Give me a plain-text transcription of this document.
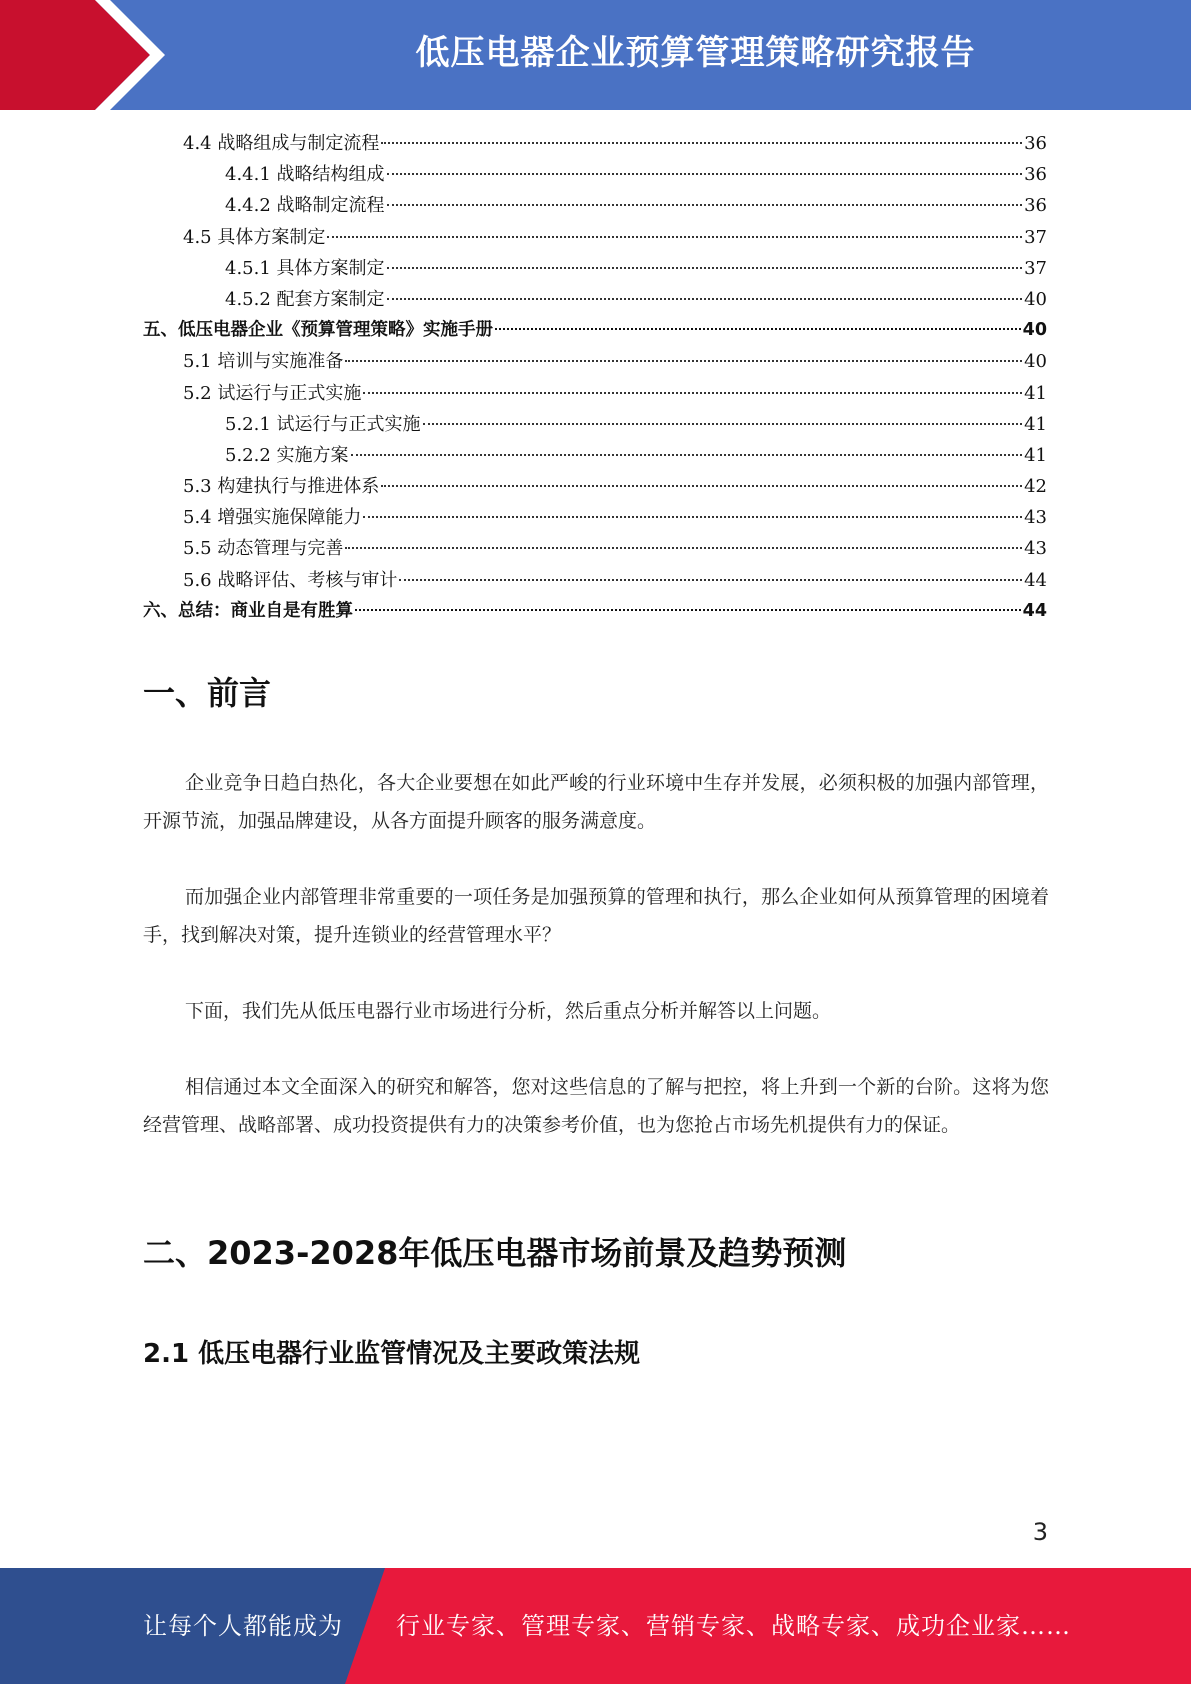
低压电器企业预算管理策略研究报告
4.4 战略组成与制定流程	36
4.4.1 战略结构组成	36
4.4.2 战略制定流程	36
4.5 具体方案制定	37
4.5.1 具体方案制定	37
4.5.2 配套方案制定	40
五、低压电器企业《预算管理策略》实施手册	40
5.1 培训与实施准备	40
5.2 试运行与正式实施	41
5.2.1 试运行与正式实施	41
5.2.2 实施方案	41
5.3 构建执行与推进体系	42
5.4 增强实施保障能力	43
5.5 动态管理与完善	43
5.6 战略评估、考核与审计	44
六、总结：商业自是有胜算	44
一、前言
企业竞争日趋白热化，各大企业要想在如此严峻的行业环境中生存并发展，必须积极的加强内部管理，开源节流，加强品牌建设，从各方面提升顾客的服务满意度。
而加强企业内部管理非常重要的一项任务是加强预算的管理和执行，那么企业如何从预算管理的困境着手，找到解决对策，提升连锁业的经营管理水平？
下面，我们先从低压电器行业市场进行分析，然后重点分析并解答以上问题。
相信通过本文全面深入的研究和解答，您对这些信息的了解与把控，将上升到一个新的台阶。这将为您经营管理、战略部署、成功投资提供有力的决策参考价值，也为您抢占市场先机提供有力的保证。
二、2023-2028年低压电器市场前景及趋势预测
2.1 低压电器行业监管情况及主要政策法规
3
让每个人都能成为 行业专家、管理专家、营销专家、战略专家、成功企业家……
